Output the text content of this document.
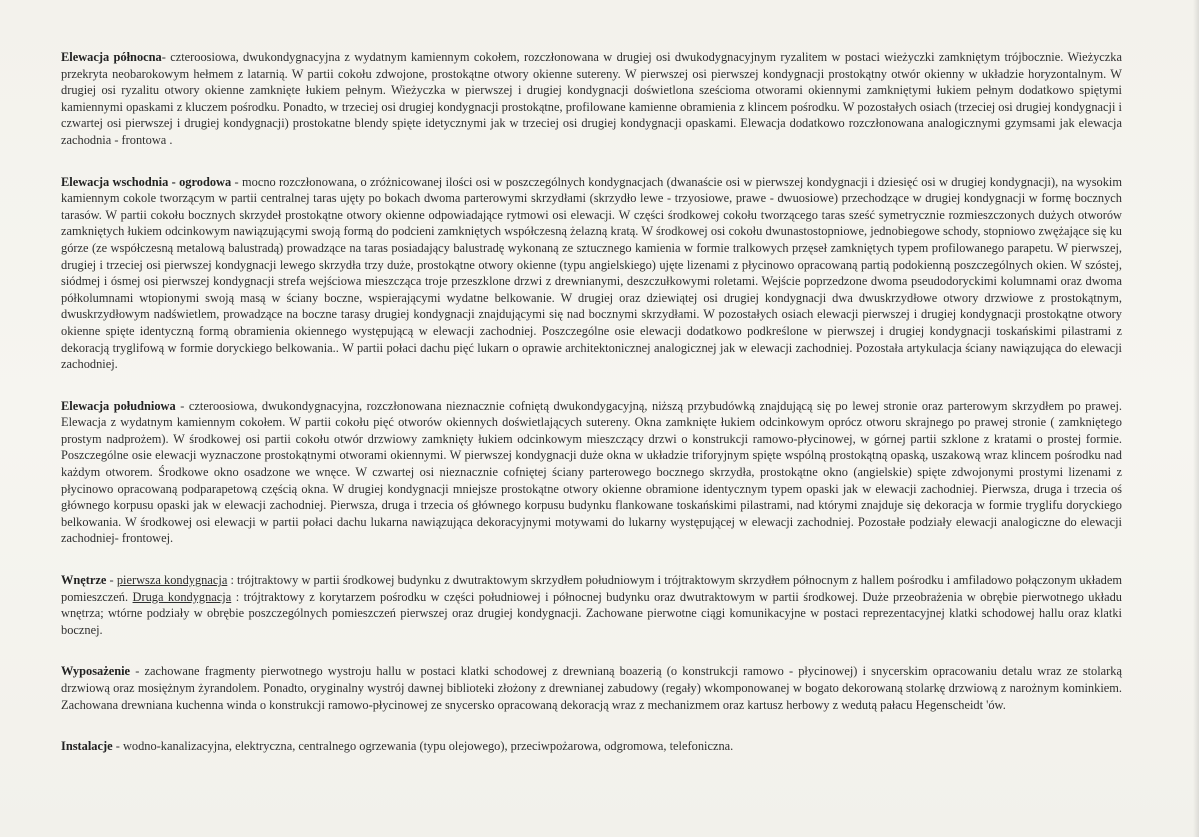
Elewacja północna- czteroosiowa, dwukondygnacyjna z wydatnym kamiennym cokołem, rozczłonowana w drugiej osi dwukodygnacyjnym ryzalitem w postaci wieżyczki zamkniętym trójbocznie. Wieżyczka przekryta neobarokowym hełmem z latarnią. W partii cokołu zdwojone, prostokątne otwory okienne sutereny. W pierwszej osi pierwszej kondygnacji prostokątny otwór okienny w układzie horyzontalnym. W drugiej osi ryzalitu otwory okienne zamknięte łukiem pełnym. Wieżyczka w pierwszej i drugiej kondygnacji doświetlona sześcioma otworami okiennymi zamkniętymi łukiem pełnym dodatkowo spiętymi kamiennymi opaskami z kluczem pośrodku. Ponadto, w trzeciej osi drugiej kondygnacji prostokątne, profilowane kamienne obramienia z klincem pośrodku. W pozostałych osiach (trzeciej osi drugiej kondygnacji i czwartej osi pierwszej i drugiej kondygnacji) prostokatne blendy spięte idetycznymi jak w trzeciej osi drugiej kondygnacji opaskami. Elewacja dodatkowo rozczłonowana analogicznymi gzymsami jak elewacja zachodnia - frontowa .

Elewacja wschodnia - ogrodowa - mocno rozczłonowana, o zróżnicowanej ilości osi w poszczególnych kondygnacjach (dwanaście osi w pierwszej kondygnacji i dziesięć osi w drugiej kondygnacji), na wysokim kamiennym cokole tworzącym w partii centralnej taras ujęty po bokach dwoma parterowymi skrzydłami (skrzydło lewe - trzyosiowe, prawe - dwuosiowe) przechodzące w drugiej kondygnacji w formę bocznych tarasów. W partii cokołu bocznych skrzydeł prostokątne otwory okienne odpowiadające rytmowi osi elewacji. W części środkowej cokołu tworzącego taras sześć symetrycznie rozmieszczonych dużych otworów zamkniętych łukiem odcinkowym nawiązującymi swoją formą do podcieni zamkniętych współczesną żelazną kratą. W środkowej osi cokołu dwunastostopniowe, jednobiegowe schody, stopniowo zwężające się ku górze (ze współczesną metalową balustradą) prowadzące na taras posiadający balustradę wykonaną ze sztucznego kamienia w formie tralkowych przęseł zamkniętych typem profilowanego parapetu. W pierwszej, drugiej i trzeciej osi pierwszej kondygnacji lewego skrzydła trzy duże, prostokątne otwory okienne (typu angielskiego) ujęte lizenami z płycinowo opracowaną partią podokienną poszczególnych okien. W szóstej, siódmej i ósmej osi pierwszej kondygnacji strefa wejściowa mieszcząca troje przeszklone drzwi z drewnianymi, deszczułkowymi roletami. Wejście poprzedzone dwoma pseudodoryckimi kolumnami oraz dwoma półkolumnami wtopionymi swoją masą w ściany boczne, wspierającymi wydatne belkowanie. W drugiej oraz dziewiątej osi drugiej kondygnacji dwa dwuskrzydłowe otwory drzwiowe z prostokątnym, dwuskrzydłowym nadświetlem, prowadzące na boczne tarasy drugiej kondygnacji znajdującymi się nad bocznymi skrzydłami. W pozostałych osiach elewacji pierwszej i drugiej kondygnacji prostokątne otwory okienne spięte identyczną formą obramienia okiennego występującą w elewacji zachodniej. Poszczególne osie elewacji dodatkowo podkreślone w pierwszej i drugiej kondygnacji toskańskimi pilastrami z dekoracją tryglifową w formie doryckiego belkowania.. W partii połaci dachu pięć lukarn o oprawie architektonicznej analogicznej jak w elewacji zachodniej. Pozostała artykulacja ściany nawiązująca do elewacji zachodniej.

Elewacja południowa - czteroosiowa, dwukondygnacyjna, rozczłonowana nieznacznie cofniętą dwukondygacyjną, niższą przybudówką znajdującą się po lewej stronie oraz parterowym skrzydłem po prawej. Elewacja z wydatnym kamiennym cokołem. W partii cokołu pięć otworów okiennych doświetlających sutereny. Okna zamknięte łukiem odcinkowym oprócz otworu skrajnego po prawej stronie ( zamkniętego prostym nadprożem). W środkowej osi partii cokołu otwór drzwiowy zamknięty łukiem odcinkowym mieszczący drzwi o konstrukcji ramowo-płycinowej, w górnej partii szklone z kratami o prostej formie. Poszczególne osie elewacji wyznaczone prostokątnymi otworami okiennymi. W pierwszej kondygnacji duże okna w układzie triforyjnym spięte wspólną prostokątną opaską, uszakową wraz klincem pośrodku nad każdym otworem. Środkowe okno osadzone we wnęce. W czwartej osi nieznacznie cofniętej ściany parterowego bocznego skrzydła, prostokątne okno (angielskie) spięte zdwojonymi prostymi lizenami z płycinowo opracowaną podparapetową częścią okna. W drugiej kondygnacji mniejsze prostokątne otwory okienne obramione identycznym typem opaski jak w elewacji zachodniej. Pierwsza, druga i trzecia oś głównego korpusu opaski jak w elewacji zachodniej. Pierwsza, druga i trzecia oś głównego korpusu budynku flankowane toskańskimi pilastrami, nad którymi znajduje się dekoracja w formie tryglifu doryckiego belkowania. W środkowej osi elewacji w partii połaci dachu lukarna nawiązująca dekoracyjnymi motywami do lukarny występującej w elewacji zachodniej. Pozostałe podziały elewacji analogiczne do elewacji zachodniej- frontowej.

Wnętrze - pierwsza kondygnacja : trójtraktowy w partii środkowej budynku z dwutraktowym skrzydłem południowym i trójtraktowym skrzydłem północnym z hallem pośrodku i amfiladowo połączonym układem pomieszczeń. Druga kondygnacja : trójtraktowy z korytarzem pośrodku w części południowej i północnej budynku oraz dwutraktowym w partii środkowej. Duże przeobrażenia w obrębie pierwotnego układu wnętrza; wtórne podziały w obrębie poszczególnych pomieszczeń pierwszej oraz drugiej kondygnacji. Zachowane pierwotne ciągi komunikacyjne w postaci reprezentacyjnej klatki schodowej hallu oraz klatki bocznej.

Wyposażenie - zachowane fragmenty pierwotnego wystroju hallu w postaci klatki schodowej z drewnianą boazerią (o konstrukcji ramowo - płycinowej) i snycerskim opracowaniu detalu wraz ze stolarką drzwiową oraz mosiężnym żyrandolem. Ponadto, oryginalny wystrój dawnej biblioteki złożony z drewnianej zabudowy (regały) wkomponowanej w bogato dekorowaną stolarkę drzwiową z narożnym kominkiem. Zachowana drewniana kuchenna winda o konstrukcji ramowo-płycinowej ze snycersko opracowaną dekoracją wraz z mechanizmem oraz kartusz herbowy z wedutą pałacu Hegenscheidt 'ów.

Instalacje - wodno-kanalizacyjna, elektryczna, centralnego ogrzewania (typu olejowego), przeciwpożarowa, odgromowa, telefoniczna.
